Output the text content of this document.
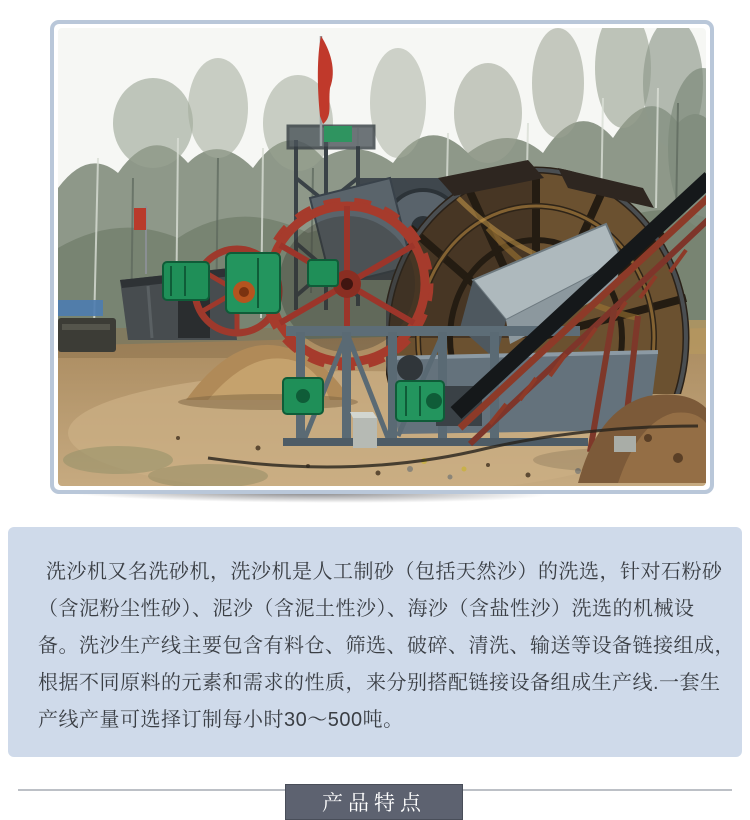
洗沙机又名洗砂机，洗沙机是人工制砂（包括天然沙）的洗选，针对石粉砂
（含泥粉尘性砂）、泥沙（含泥土性沙）、海沙（含盐性沙）洗选的机械设
备。洗沙生产线主要包含有料仓、筛选、破碎、清洗、输送等设备链接组成，
根据不同原料的元素和需求的性质，来分别搭配链接设备组成生产线.一套生
产线产量可选择订制每小时30～500吨。
产品特点
